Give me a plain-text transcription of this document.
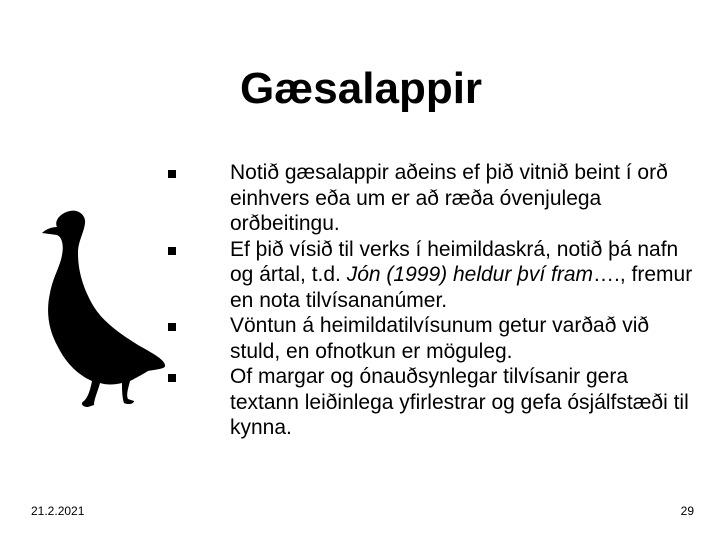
Gæsalappir
Notið gæsalappir aðeins ef þið vitnið beint í orð einhvers eða um er að ræða óvenjulega orðbeitingu.
Ef þið vísið til verks í heimildaskrá, notið þá nafn og ártal, t.d. Jón (1999) heldur því fram…., fremur en nota tilvísananúmer.
Vöntun á heimildatilvísunum getur varðað við stuld, en ofnotkun er möguleg.
Of margar og ónauðsynlegar tilvísanir gera textann leiðinlega yfirlestrar og gefa ósjálfstæði til kynna.
21.2.2021	29
